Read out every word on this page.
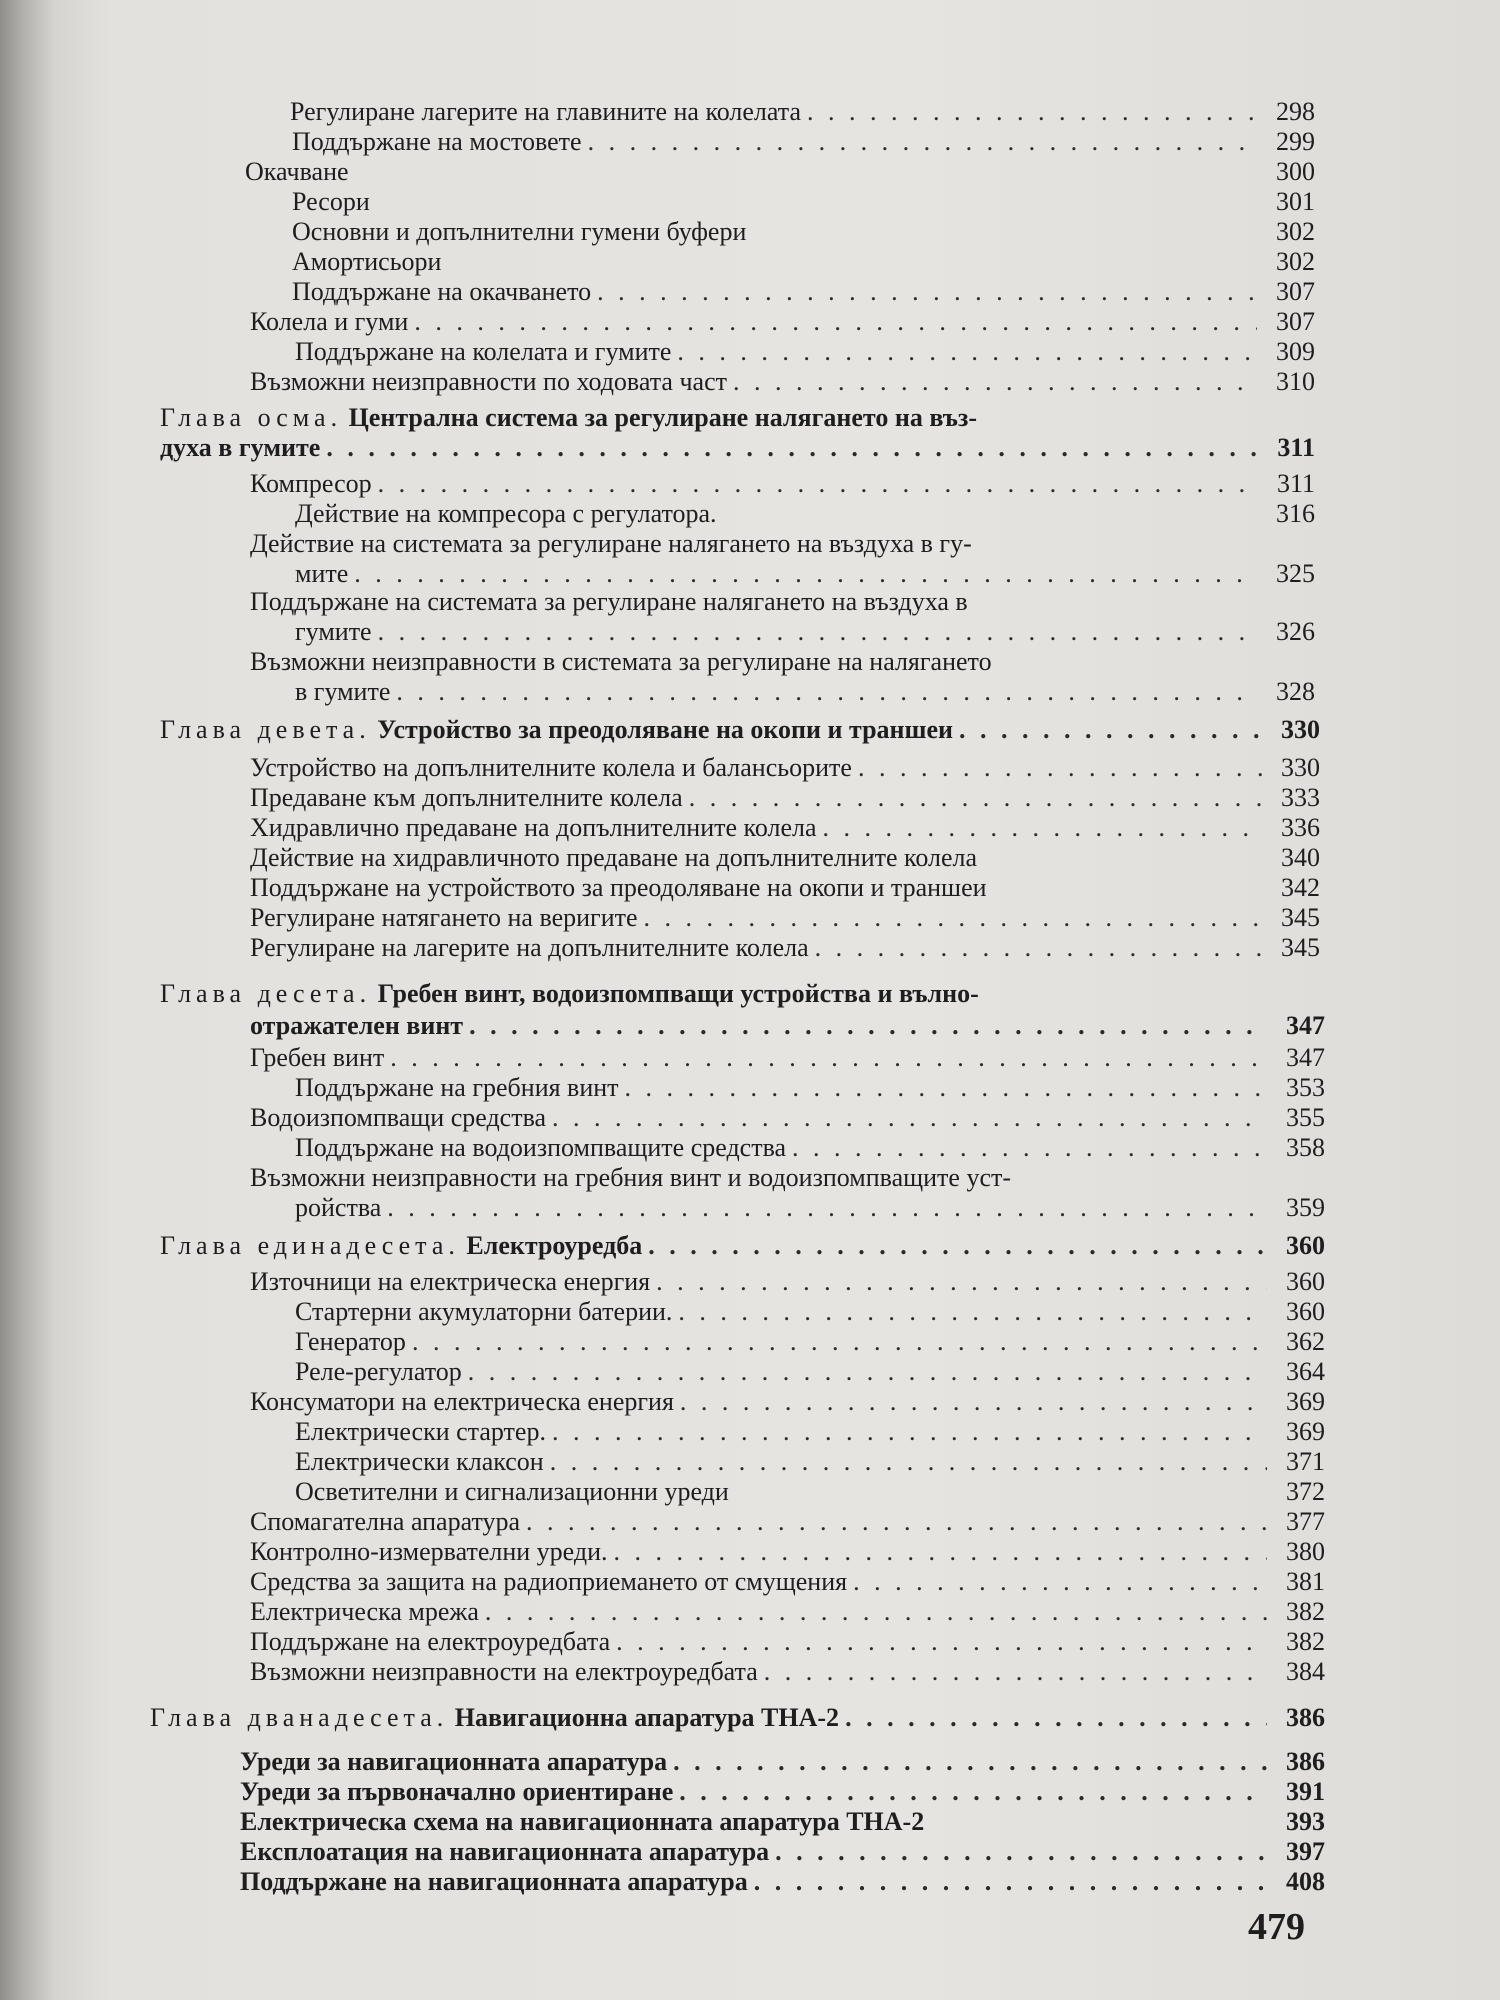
Регулиране лагерите на главините на колелата . . .	298
Поддържане на мостовете . . .	299
Окачване	300
Ресори	301
Основни и допълнителни гумени буфери	302
Амортисьори	302
Поддържане на окачването . . .	307
Колела и гуми . . .	307
Поддържане на колелата и гумите . . .	309
Възможни неизправности по ходовата част . . .	310
Глава осма. Централна система за регулиране налягането на въз-
духа в гумите . . .	311
Компресор . . .	311
Действие на компресора с регулатора.	316
Действие на системата за регулиране налягането на въздуха в гу-
мите . . .	325
Поддържане на системата за регулиране налягането на въздуха в
гумите . . .	326
Възможни неизправности в системата за регулиране на налягането
в гумите . . .	328
Глава девета. Устройство за преодоляване на окопи и траншеи . . .	330
Устройство на допълнителните колела и балансьорите . . .	330
Предаване към допълнителните колела . . .	333
Хидравлично предаване на допълнителните колела . . .	336
Действие на хидравличното предаване на допълнителните колела	340
Поддържане на устройството за преодоляване на окопи и траншеи	342
Регулиране натягането на веригите . . .	345
Регулиране на лагерите на допълнителните колела . . .	345
Глава десета. Гребен винт, водоизпомпващи устройства и вълно-
отражателен винт . . .	347
Гребен винт . . .	347
Поддържане на гребния винт . . .	353
Водоизпомпващи средства . . .	355
Поддържане на водоизпомпващите средства . . .	358
Възможни неизправности на гребния винт и водоизпомпващите уст-
ройства . . .	359
Глава единадесета. Електроуредба . . .	360
Източници на електрическа енергия . . .	360
Стартерни акумулаторни батерии. . . .	360
Генератор . . .	362
Реле-регулатор . . .	364
Консуматори на електрическа енергия . . .	369
Електрически стартер. . . .	369
Електрически клаксон . . .	371
Осветителни и сигнализационни уреди	372
Спомагателна апаратура . . .	377
Контролно-измервателни уреди. . . .	380
Средства за защита на радиоприемането от смущения . . .	381
Електрическа мрежа . . .	382
Поддържане на електроуредбата . . .	382
Възможни неизправности на електроуредбата . . .	384
Глава дванадесета. Навигационна апаратура ТНА-2 . . .	386
Уреди за навигационната апаратура . . .	386
Уреди за първоначално ориентиране . . .	391
Електрическа схема на навигационната апаратура ТНА-2	393
Експлоатация на навигационната апаратура . . .	397
Поддържане на навигационната апаратура . . .	408
479
